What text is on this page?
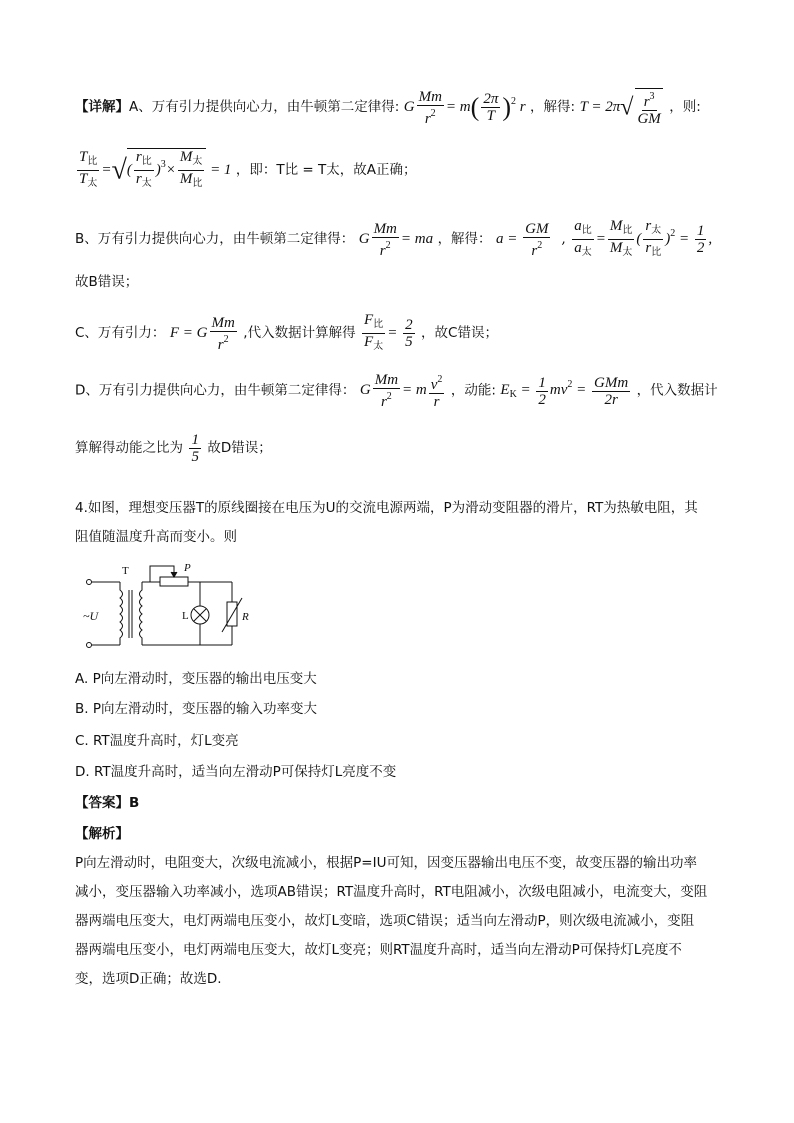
【详解】A、万有引力提供向心力，由牛顿第二定律得: G $\frac{Mm}{r^2} = m( \frac{2\pi}{T} )^2$ r ，解得: $T = 2\pi√ \frac{r^3}{GM}$ ，则:
$\frac{T_比}{T_太}$ =√( $\frac{r_比}{r_太} )^3\times \frac{M_太}{M_比} = 1$ ，即：T比 = T太，故A正确；
B、万有引力提供向心力，由牛顿第二定律得： G $\frac{Mm}{r^2}$ = ma ，解得： $a = \frac{GM}{r^2}$ , $\frac{a_比}{a_太} = \frac{M_比}{M_太}$ ( $\frac{r_太}{r_比} )^2 = \frac{1}{2}$ ,
故B错误；
C、万有引力： F = G $\frac{Mm}{r^2}$ ,代入数据计算解得 $\frac{F_比}{F_太} = \frac{2}{5}$ ，故C错误；
D、万有引力提供向心力，由牛顿第二定律得： G $\frac{Mm}{r^2} = m \frac{v^2}{r}$ ，动能: $E_K = \frac{1}{2} mv^2 = \frac{\text{GMm}}{2r}$ ，代入数据计
算解得动能之比为 $\frac{1}{5}$ 故D错误；
4.如图，理想变压器T的原线圈接在电压为U的交流电源两端，P为滑动变阻器的滑片，RT为热敏电阻，其
阻值随温度升高而变小。则
T	P
L	R
~U
A. P向左滑动时，变压器的输出电压变大
B. P向左滑动时，变压器的输入功率变大
C. RT温度升高时，灯L变亮
D. RT温度升高时，适当向左滑动P可保持灯L亮度不变
【答案】B
【解析】
P向左滑动时，电阻变大，次级电流减小，根据P=IU可知，因变压器输出电压不变，故变压器的输出功率
减小，变压器输入功率减小，选项AB错误；RT温度升高时，RT电阻减小，次级电阻减小，电流变大，变阻
器两端电压变大，电灯两端电压变小，故灯L变暗，选项C错误；适当向左滑动P，则次级电流减小，变阻
器两端电压变小，电灯两端电压变大，故灯L变亮；则RT温度升高时，适当向左滑动P可保持灯L亮度不
变，选项D正确；故选D.
